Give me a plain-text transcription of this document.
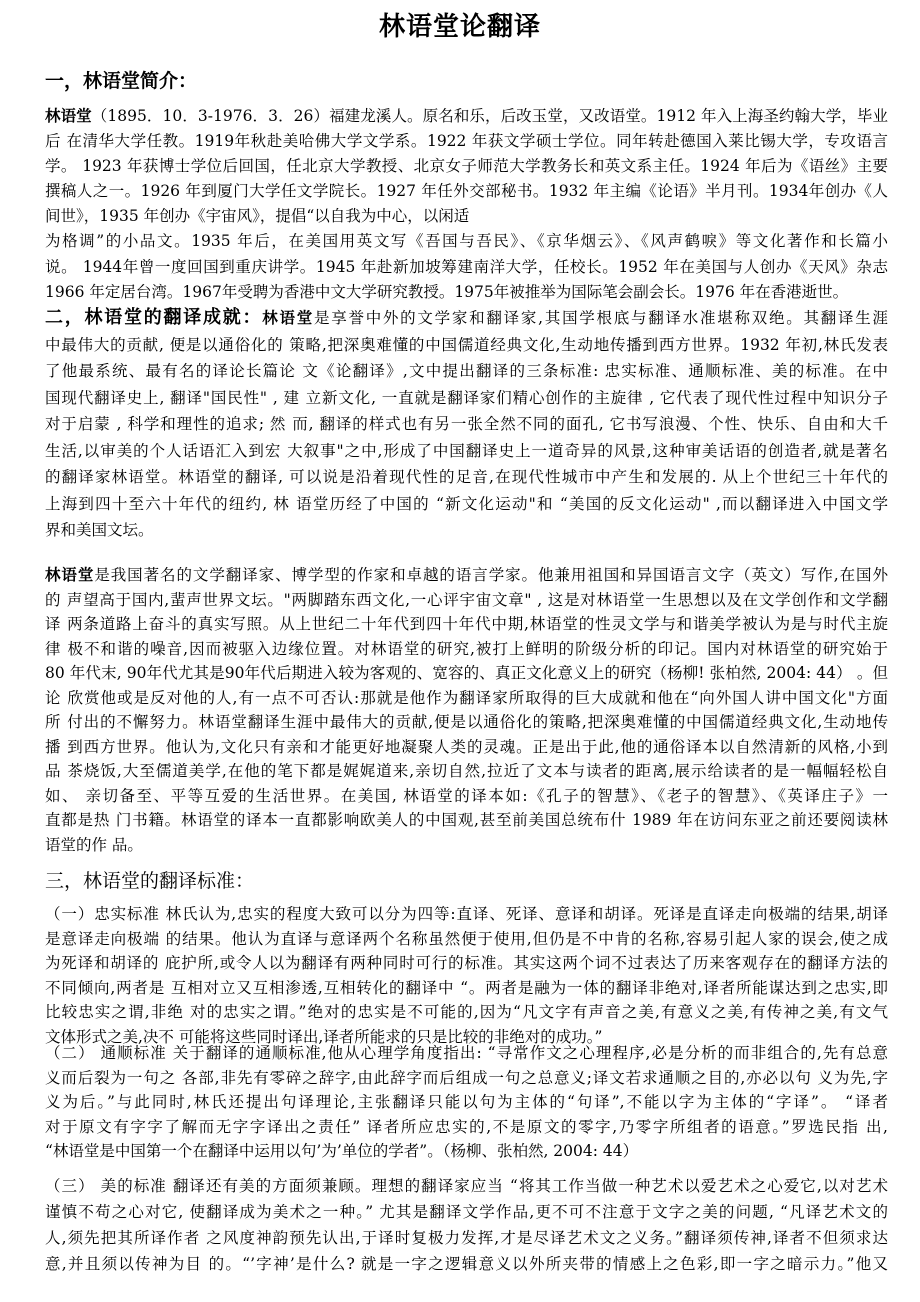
林语堂论翻译
一，林语堂简介：
林语堂（1895．10．3-1976．3．26）福建龙溪人。原名和乐，后改玉堂，又改语堂。1912 年入上海圣约翰大学，毕业
后 在清华大学任教。1919年秋赴美哈佛大学文学系。1922 年获文学硕士学位。同年转赴德国入莱比锡大学，专攻语言
学。 1923 年获博士学位后回国，任北京大学教授、北京女子师范大学教务长和英文系主任。1924 年后为《语丝》主要
撰稿人之一。1926 年到厦门大学任文学院长。1927 年任外交部秘书。1932 年主编《论语》半月刊。1934年创办《人
间世》，1935 年创办《宇宙风》，提倡“以自我为中心，以闲适
为格调”的小品文。1935 年后，在美国用英文写《吾国与吾民》、《京华烟云》、《风声鹤唳》等文化著作和长篇小
说。 1944年曾一度回国到重庆讲学。1945 年赴新加坡筹建南洋大学，任校长。1952 年在美国与人创办《天风》杂志
1966 年定居台湾。1967年受聘为香港中文大学研究教授。1975年被推举为国际笔会副会长。1976 年在香港逝世。
二，林语堂的翻译成就：林语堂是享誉中外的文学家和翻译家,其国学根底与翻译水准堪称双绝。其翻译生涯
中最伟大的贡献, 便是以通俗化的 策略,把深奥难懂的中国儒道经典文化,生动地传播到西方世界。1932 年初,林氏发表
了他最系统、最有名的译论长篇论 文《论翻译》,文中提出翻译的三条标准: 忠实标准、通顺标准、美的标准。在中
国现代翻译史上, 翻译"国民性" , 建 立新文化, 一直就是翻译家们精心创作的主旋律 , 它代表了现代性过程中知识分子
对于启蒙 , 科学和理性的追求; 然 而, 翻译的样式也有另一张全然不同的面孔, 它书写浪漫、个性、快乐、自由和大千
生活,以审美的个人话语汇入到宏 大叙事"之中,形成了中国翻译史上一道奇异的风景,这种审美话语的创造者,就是著名
的翻译家林语堂。林语堂的翻译, 可以说是沿着现代性的足音,在现代性城市中产生和发展的. 从上个世纪三十年代的
上海到四十至六十年代的纽约, 林 语堂历经了中国的 “新文化运动"和 “美国的反文化运动" ,而以翻译进入中国文学
界和美国文坛。
林语堂是我国著名的文学翻译家、博学型的作家和卓越的语言学家。他兼用祖国和异国语言文字（英文）写作,在国外
的 声望高于国内,蜚声世界文坛。"两脚踏东西文化,一心评宇宙文章" , 这是对林语堂一生思想以及在文学创作和文学翻
译 两条道路上奋斗的真实写照。从上世纪二十年代到四十年代中期,林语堂的性灵文学与和谐美学被认为是与时代主旋
律 极不和谐的噪音,因而被驱入边缘位置。对林语堂的研究,被打上鲜明的阶级分析的印记。国内对林语堂的研究始于
80 年代末, 90年代尤其是90年代后期进入较为客观的、宽容的、真正文化意义上的研究（杨柳! 张柏然, 2004: 44） 。但
论 欣赏他或是反对他的人,有一点不可否认:那就是他作为翻译家所取得的巨大成就和他在“向外国人讲中国文化"方面
所 付出的不懈努力。林语堂翻译生涯中最伟大的贡献,便是以通俗化的策略,把深奥难懂的中国儒道经典文化,生动地传
播 到西方世界。他认为,文化只有亲和才能更好地凝聚人类的灵魂。正是出于此,他的通俗译本以自然清新的风格,小到
品 茶烧饭,大至儒道美学,在他的笔下都是娓娓道来,亲切自然,拉近了文本与读者的距离,展示给读者的是一幅幅轻松自
如、 亲切备至、平等互爱的生活世界。在美国, 林语堂的译本如:《孔子的智慧》、《老子的智慧》、《英译庄子》一
直都是热 门书籍。林语堂的译本一直都影响欧美人的中国观,甚至前美国总统布什 1989 年在访问东亚之前还要阅读林
语堂的作 品。
三，林语堂的翻译标准：
（一）忠实标准 林氏认为,忠实的程度大致可以分为四等:直译、死译、意译和胡译。死译是直译走向极端的结果,胡译
是意译走向极端 的结果。他认为直译与意译两个名称虽然便于使用,但仍是不中肯的名称,容易引起人家的误会,使之成
为死译和胡译的 庇护所,或令人以为翻译有两种同时可行的标准。其实这两个词不过表达了历来客观存在的翻译方法的
不同倾向,两者是 互相对立又互相渗透,互相转化的翻译中 “。两者是融为一体的翻译非绝对,译者所能谋达到之忠实,即
比较忠实之谓,非绝 对的忠实之谓。”绝对的忠实是不可能的,因为“凡文字有声音之美,有意义之美,有传神之美,有文气
文体形式之美,决不 可能将这些同时译出,译者所能求的只是比较的非绝对的成功。”
（二） 通顺标准 关于翻译的通顺标准,他从心理学角度指出: “寻常作文之心理程序,必是分析的而非组合的,先有总意
义而后裂为一句之 各部,非先有零碎之辞字,由此辞字而后组成一句之总意义;译文若求通顺之目的,亦必以句 义为先,字
义为后。”与此同时,林氏还提出句译理论,主张翻译只能以句为主体的“句译”,不能以字为主体的“字译”。 “译者
对于原文有字字了解而无字字译出之责任” 译者所应忠实的,不是原文的零字,乃零字所组者的语意。”罗选民指 出,
“林语堂是中国第一个在翻译中运用以句’为’单位的学者”。（杨柳、张柏然, 2004: 44）
（三） 美的标准 翻译还有美的方面须兼顾。理想的翻译家应当 “将其工作当做一种艺术以爱艺术之心爱它,以对艺术
谨慎不苟之心对它, 使翻译成为美术之一种。” 尤其是翻译文学作品,更不可不注意于文字之美的问题, “凡译艺术文的
人,须先把其所译作者 之风度神韵预先认出,于译时复极力发挥,才是尽译艺术文之义务。”翻译须传神,译者不但须求达
意,并且须以传神为目 的。“’字神’是什么? 就是一字之逻辑意义以外所夹带的情感上之色彩,即一字之暗示力。”他又
